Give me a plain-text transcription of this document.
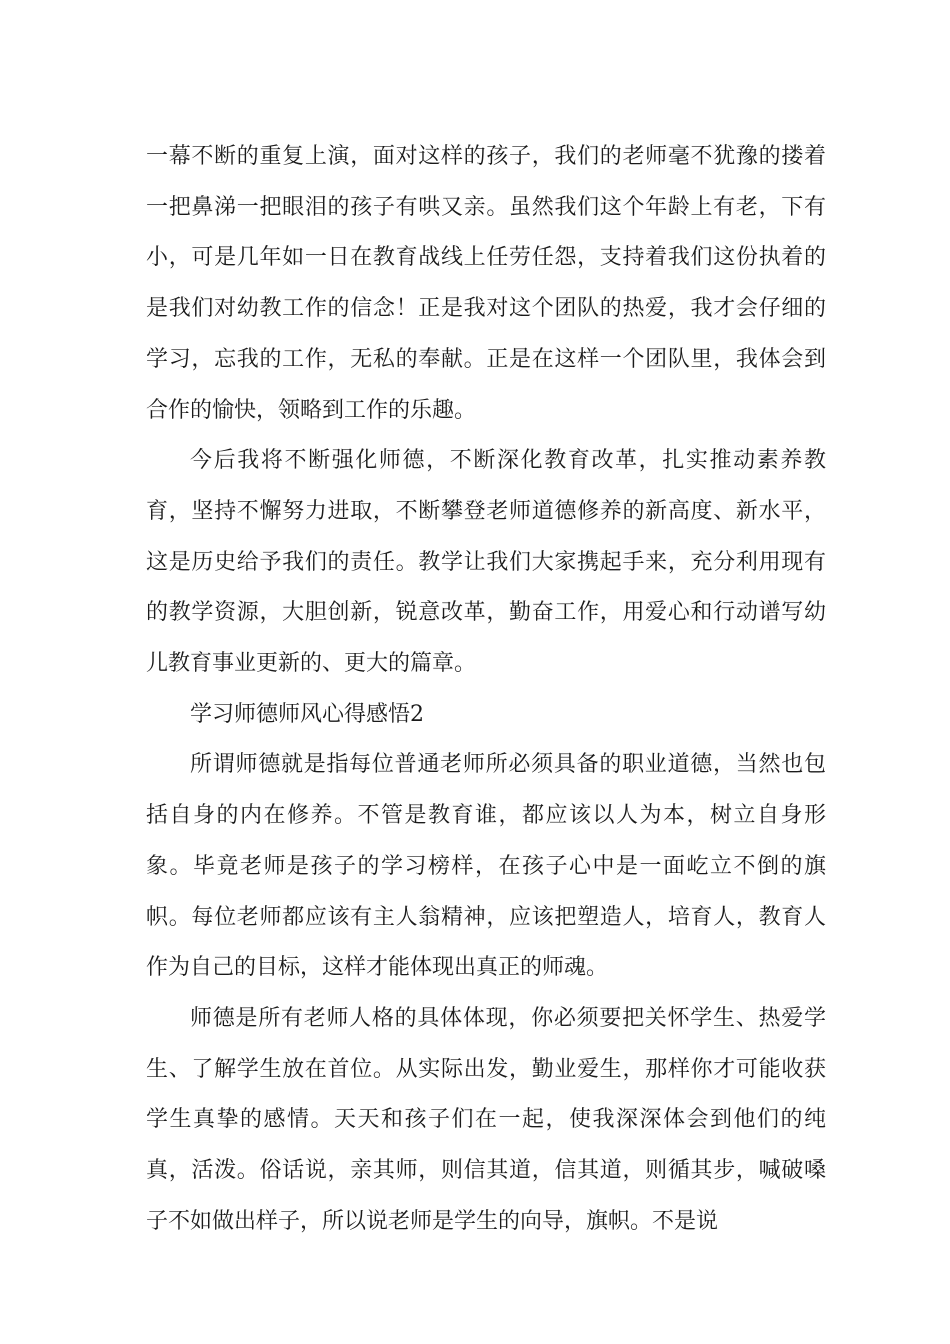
一幕不断的重复上演，面对这样的孩子，我们的老师毫不犹豫的搂着一把鼻涕一把眼泪的孩子有哄又亲。虽然我们这个年龄上有老，下有小，可是几年如一日在教育战线上任劳任怨，支持着我们这份执着的是我们对幼教工作的信念！正是我对这个团队的热爱，我才会仔细的学习，忘我的工作，无私的奉献。正是在这样一个团队里，我体会到合作的愉快，领略到工作的乐趣。

今后我将不断强化师德，不断深化教育改革，扎实推动素养教育，坚持不懈努力进取，不断攀登老师道德修养的新高度、新水平，这是历史给予我们的责任。教学让我们大家携起手来，充分利用现有的教学资源，大胆创新，锐意改革，勤奋工作，用爱心和行动谱写幼儿教育事业更新的、更大的篇章。

学习师德师风心得感悟2

所谓师德就是指每位普通老师所必须具备的职业道德，当然也包括自身的内在修养。不管是教育谁，都应该以人为本，树立自身形象。毕竟老师是孩子的学习榜样，在孩子心中是一面屹立不倒的旗帜。每位老师都应该有主人翁精神，应该把塑造人，培育人，教育人作为自己的目标，这样才能体现出真正的师魂。

师德是所有老师人格的具体体现，你必须要把关怀学生、热爱学生、了解学生放在首位。从实际出发，勤业爱生，那样你才可能收获学生真挚的感情。天天和孩子们在一起，使我深深体会到他们的纯真，活泼。俗话说，亲其师，则信其道，信其道，则循其步，喊破嗓子不如做出样子，所以说老师是学生的向导，旗帜。不是说
